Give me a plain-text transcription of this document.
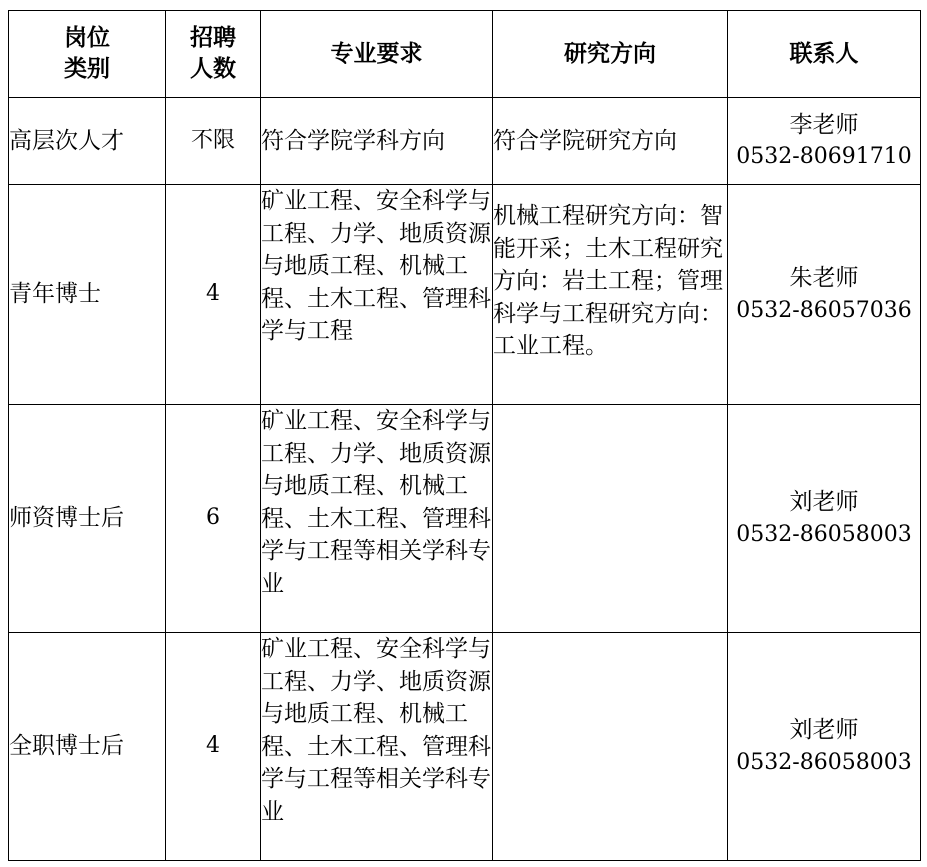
岗位
类别	招聘
人数	专业要求	研究方向	联系人
高层次人才	不限	符合学院学科方向	符合学院研究方向	李老师
0532-80691710

青年博士	4	矿业工程、安全科学与工程、力学、地质资源与地质工程、机械工程、土木工程、管理科学与工程	机械工程研究方向：智能开采；土木工程研究方向：岩土工程；管理科学与工程研究方向：工业工程。	朱老师
0532-86057036

师资博士后	6	矿业工程、安全科学与工程、力学、地质资源与地质工程、机械工程、土木工程、管理科学与工程等相关学科专业		刘老师
0532-86058003

全职博士后	4	矿业工程、安全科学与工程、力学、地质资源与地质工程、机械工程、土木工程、管理科学与工程等相关学科专业		刘老师
0532-86058003
